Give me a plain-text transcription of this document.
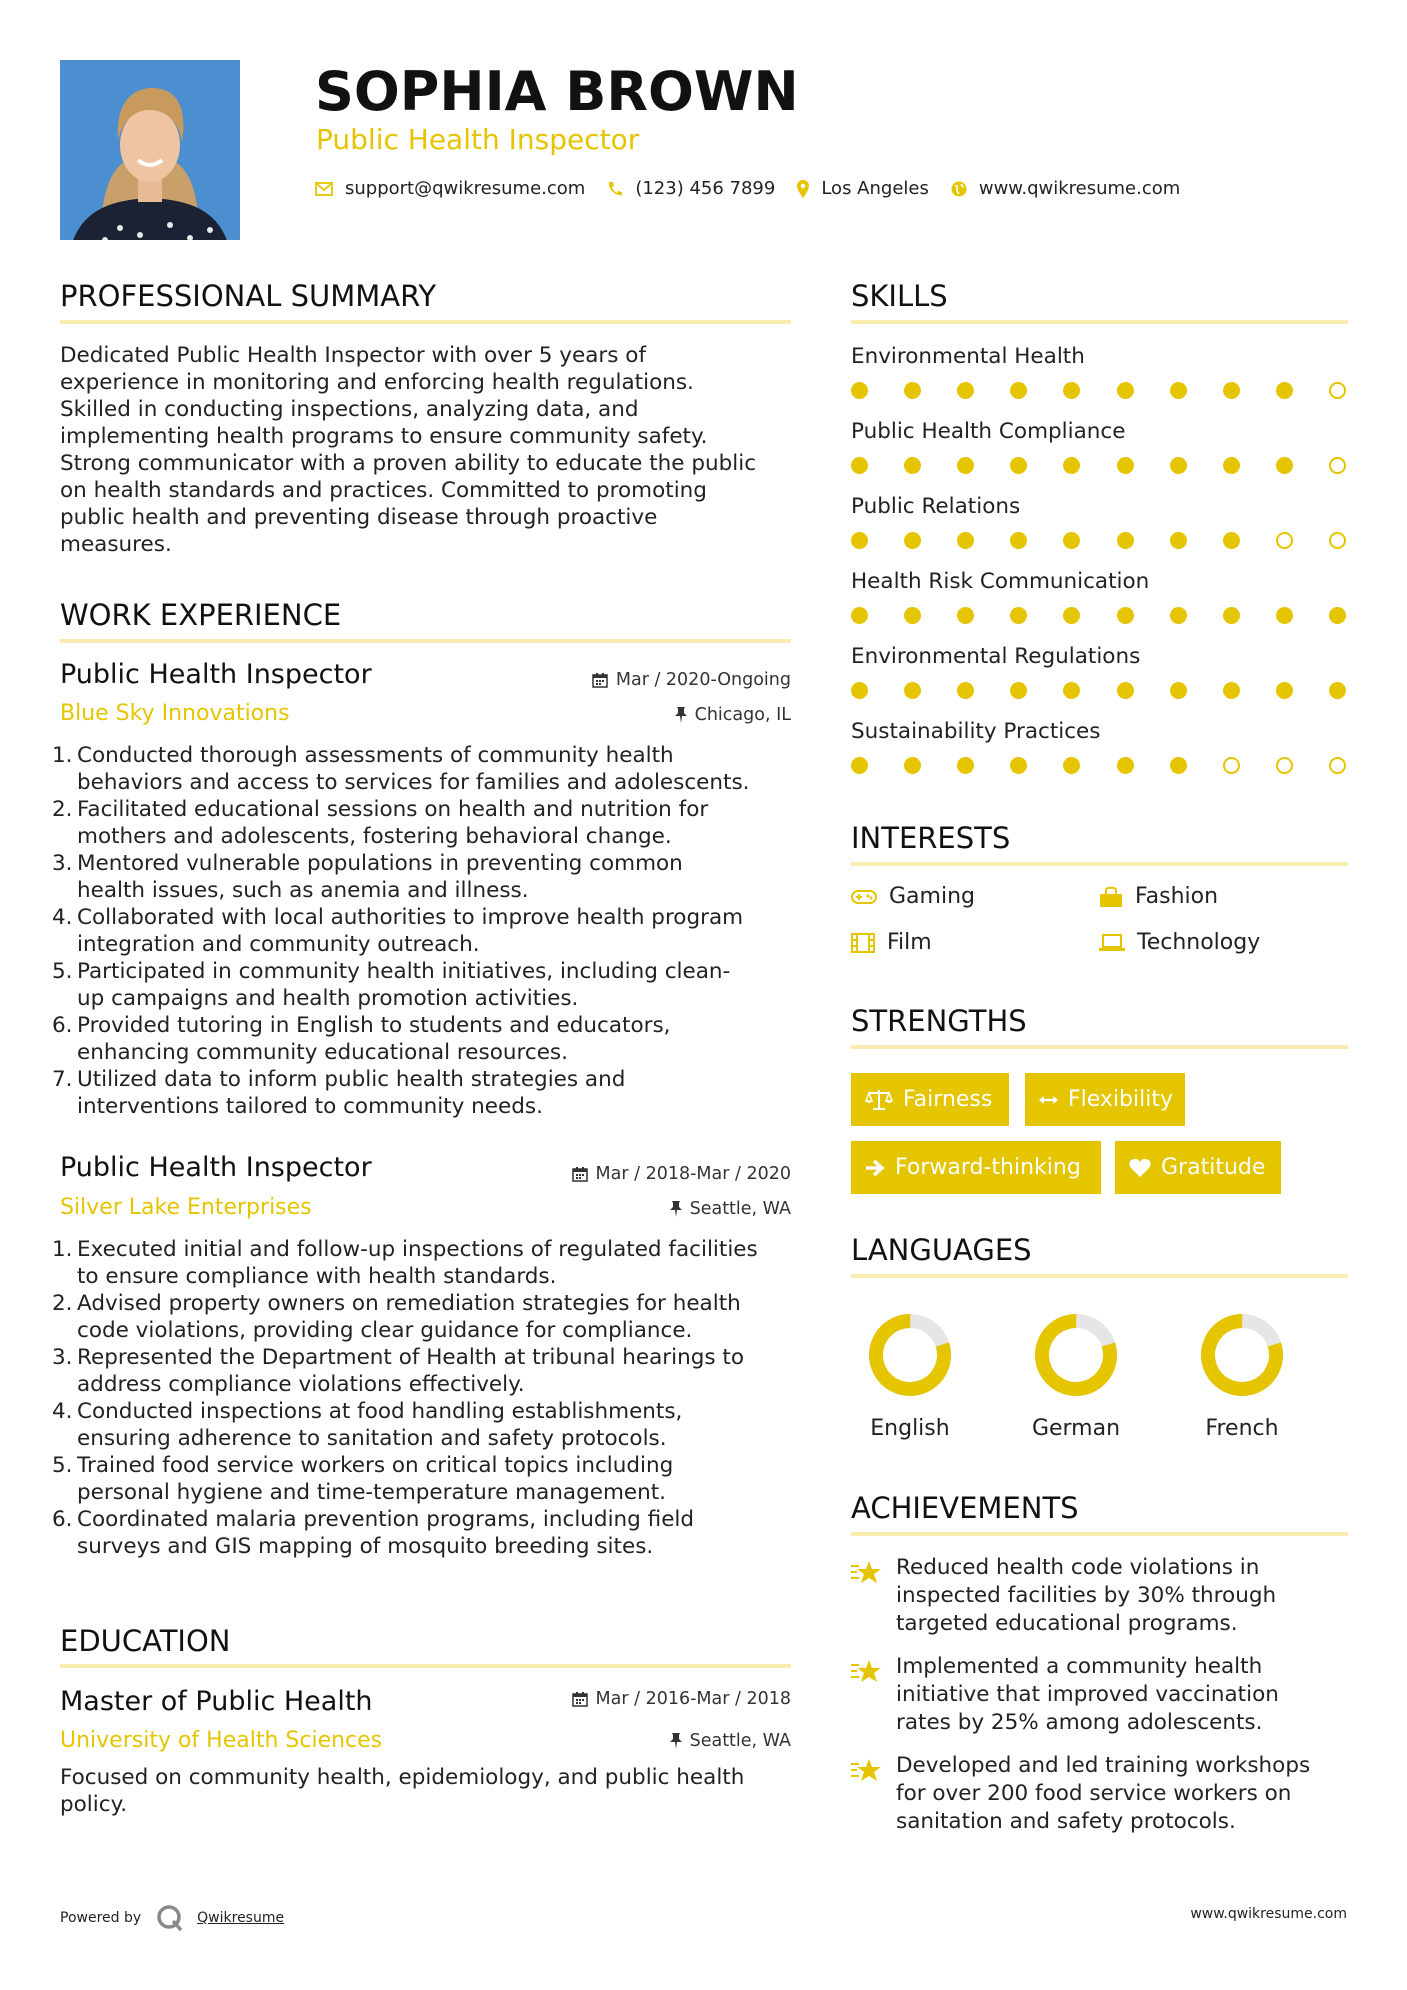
SOPHIA BROWN
Public Health Inspector
support@qwikresume.com	(123) 456 7899	Los Angeles	www.qwikresume.com
PROFESSIONAL SUMMARY
Dedicated Public Health Inspector with over 5 years of
experience in monitoring and enforcing health regulations.
Skilled in conducting inspections, analyzing data, and
implementing health programs to ensure community safety.
Strong communicator with a proven ability to educate the public
on health standards and practices. Committed to promoting
public health and preventing disease through proactive
measures.
WORK EXPERIENCE
Public Health Inspector	Mar / 2020-Ongoing
Blue Sky Innovations	Chicago, IL
1. Conducted thorough assessments of community health
behaviors and access to services for families and adolescents.
2. Facilitated educational sessions on health and nutrition for
mothers and adolescents, fostering behavioral change.
3. Mentored vulnerable populations in preventing common
health issues, such as anemia and illness.
4. Collaborated with local authorities to improve health program
integration and community outreach.
5. Participated in community health initiatives, including clean-
up campaigns and health promotion activities.
6. Provided tutoring in English to students and educators,
enhancing community educational resources.
7. Utilized data to inform public health strategies and
interventions tailored to community needs.
Public Health Inspector	Mar / 2018-Mar / 2020
Silver Lake Enterprises	Seattle, WA
1. Executed initial and follow-up inspections of regulated facilities
to ensure compliance with health standards.
2. Advised property owners on remediation strategies for health
code violations, providing clear guidance for compliance.
3. Represented the Department of Health at tribunal hearings to
address compliance violations effectively.
4. Conducted inspections at food handling establishments,
ensuring adherence to sanitation and safety protocols.
5. Trained food service workers on critical topics including
personal hygiene and time-temperature management.
6. Coordinated malaria prevention programs, including field
surveys and GIS mapping of mosquito breeding sites.
EDUCATION
Master of Public Health	Mar / 2016-Mar / 2018
University of Health Sciences	Seattle, WA
Focused on community health, epidemiology, and public health
policy.
SKILLS
Environmental Health
Public Health Compliance
Public Relations
Health Risk Communication
Environmental Regulations
Sustainability Practices
INTERESTS
Gaming	Fashion
Film	Technology
STRENGTHS
Fairness	Flexibility
Forward-thinking	Gratitude
LANGUAGES
English	German	French
ACHIEVEMENTS
Reduced health code violations in
inspected facilities by 30% through
targeted educational programs.
Implemented a community health
initiative that improved vaccination
rates by 25% among adolescents.
Developed and led training workshops
for over 200 food service workers on
sanitation and safety protocols.
Powered by	Qwikresume	www.qwikresume.com
